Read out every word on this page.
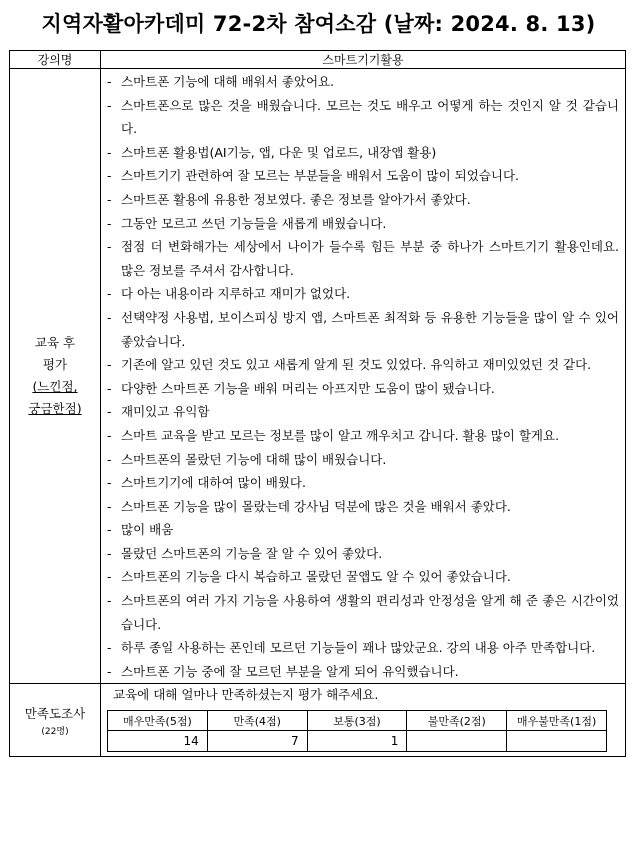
지역자활아카데미 72-2차 참여소감 (날짜: 2024. 8. 13)
강의명	스마트기기활용

교육 후
평가
(느낀점,
궁금한점)

- 스마트폰 기능에 대해 배워서 좋았어요.
- 스마트폰으로 많은 것을 배웠습니다. 모르는 것도 배우고 어떻게 하는 것인지 알 것 같습니다.
- 스마트폰 활용법(AI기능, 앱, 다운 및 업로드, 내장앱 활용)
- 스마트기기 관련하여 잘 모르는 부분들을 배워서 도움이 많이 되었습니다.
- 스마트폰 활용에 유용한 정보였다. 좋은 정보를 알아가서 좋았다.
- 그동안 모르고 쓰던 기능들을 새롭게 배웠습니다.
- 점점 더 변화해가는 세상에서 나이가 들수록 힘든 부분 중 하나가 스마트기기 활용인데요. 많은 정보를 주셔서 감사합니다.
- 다 아는 내용이라 지루하고 재미가 없었다.
- 선택약정 사용법, 보이스피싱 방지 앱, 스마트폰 최적화 등 유용한 기능들을 많이 알 수 있어 좋았습니다.
- 기존에 알고 있던 것도 있고 새롭게 알게 된 것도 있었다. 유익하고 재미있었던 것 같다.
- 다양한 스마트폰 기능을 배워 머리는 아프지만 도움이 많이 됐습니다.
- 재미있고 유익함
- 스마트 교육을 받고 모르는 정보를 많이 알고 깨우치고 갑니다. 활용 많이 할게요.
- 스마트폰의 몰랐던 기능에 대해 많이 배웠습니다.
- 스마트기기에 대하여 많이 배웠다.
- 스마트폰 기능을 많이 몰랐는데 강사님 덕분에 많은 것을 배워서 좋았다.
- 많이 배움
- 몰랐던 스마트폰의 기능을 잘 알 수 있어 좋았다.
- 스마트폰의 기능을 다시 복습하고 몰랐던 꿀앱도 알 수 있어 좋았습니다.
- 스마트폰의 여러 가지 기능을 사용하여 생활의 편리성과 안정성을 알게 해 준 좋은 시간이었습니다.
- 하루 종일 사용하는 폰인데 모르던 기능들이 꽤나 많았군요. 강의 내용 아주 만족합니다.
- 스마트폰 기능 중에 잘 모르던 부분을 알게 되어 유익했습니다.

만족도조사
(22명)

교육에 대해 얼마나 만족하셨는지 평가 해주세요.
매우만족(5점)	만족(4점)	보통(3점)	불만족(2점)	매우불만족(1점)
14	7	1		
